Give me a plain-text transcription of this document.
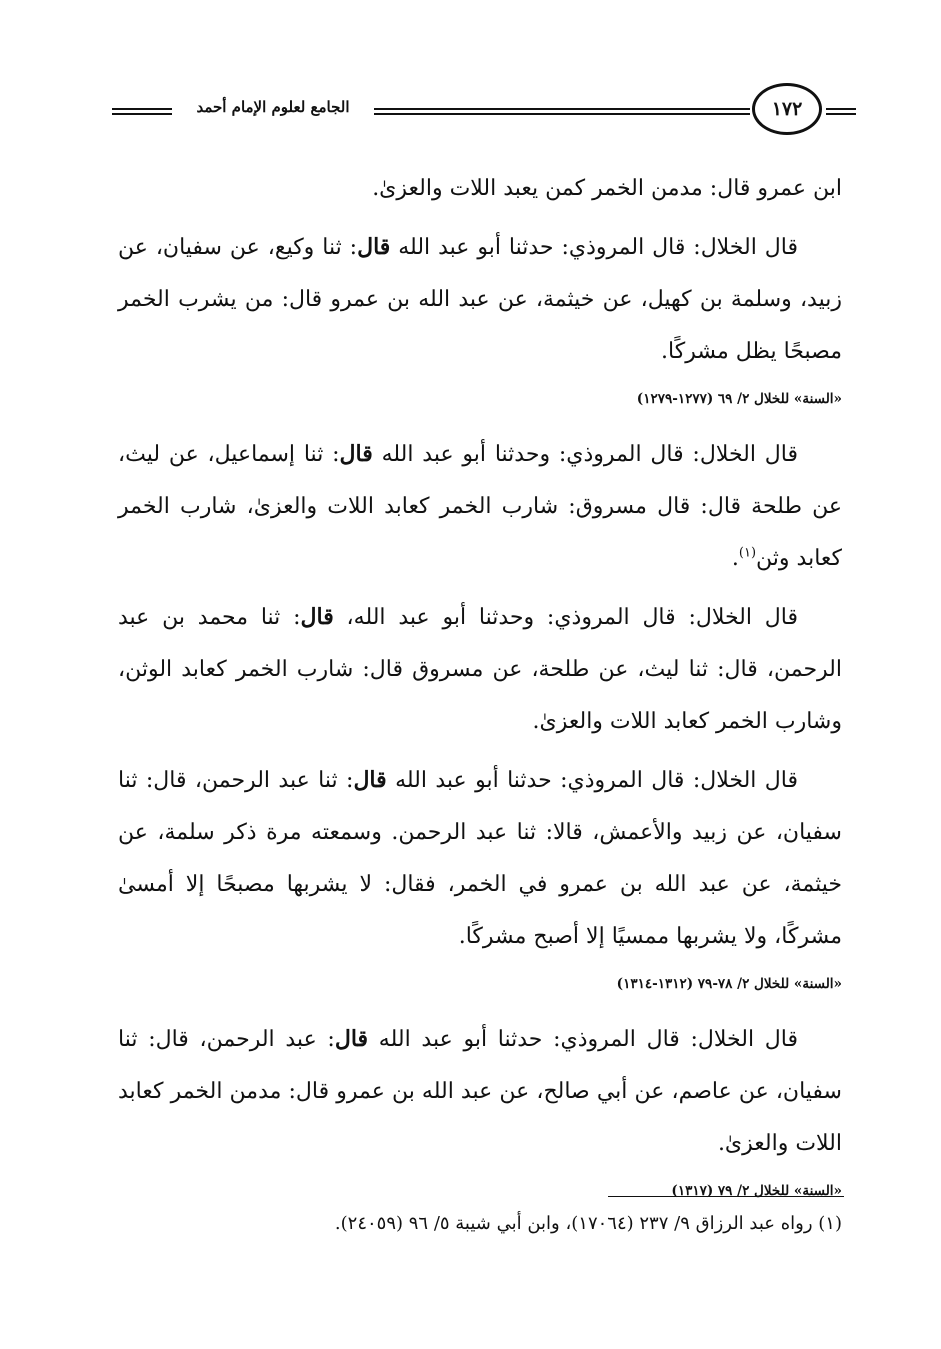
الجامع لعلوم الإمام أحمد	١٧٢

ابن عمرو قال: مدمن الخمر كمن يعبد اللات والعزىٰ.

قال الخلال: قال المروذي: حدثنا أبو عبد الله قال: ثنا وكيع، عن سفيان، عن زبيد، وسلمة بن كهيل، عن خيثمة، عن عبد الله بن عمرو قال: من يشرب الخمر مصبحًا يظل مشركًا.

«السنة» للخلال ٢/ ٦٩ (١٢٧٧-١٢٧٩)

قال الخلال: قال المروذي: وحدثنا أبو عبد الله قال: ثنا إسماعيل، عن ليث، عن طلحة قال: قال مسروق: شارب الخمر كعابد اللات والعزىٰ، شارب الخمر كعابد وثن$^{(١)}$.

قال الخلال: قال المروذي: وحدثنا أبو عبد الله، قال: ثنا محمد بن عبد الرحمن، قال: ثنا ليث، عن طلحة، عن مسروق قال: شارب الخمر كعابد الوثن، وشارب الخمر كعابد اللات والعزىٰ.

قال الخلال: قال المروذي: حدثنا أبو عبد الله قال: ثنا عبد الرحمن، قال: ثنا سفيان، عن زبيد والأعمش، قالا: ثنا عبد الرحمن. وسمعته مرة ذكر سلمة، عن خيثمة، عن عبد الله بن عمرو في الخمر، فقال: لا يشربها مصبحًا إلا أمسىٰ مشركًا، ولا يشربها ممسيًا إلا أصبح مشركًا.

«السنة» للخلال ٢/ ٧٨-٧٩ (١٣١٢-١٣١٤)

قال الخلال: قال المروذي: حدثنا أبو عبد الله قال: عبد الرحمن، قال: ثنا سفيان، عن عاصم، عن أبي صالح، عن عبد الله بن عمرو قال: مدمن الخمر كعابد اللات والعزىٰ.

«السنة» للخلال ٢/ ٧٩ (١٣١٧)
(١) رواه عبد الرزاق ٩/ ٢٣٧ (١٧٠٦٤)، وابن أبي شيبة ٥/ ٩٦ (٢٤٠٥٩).
